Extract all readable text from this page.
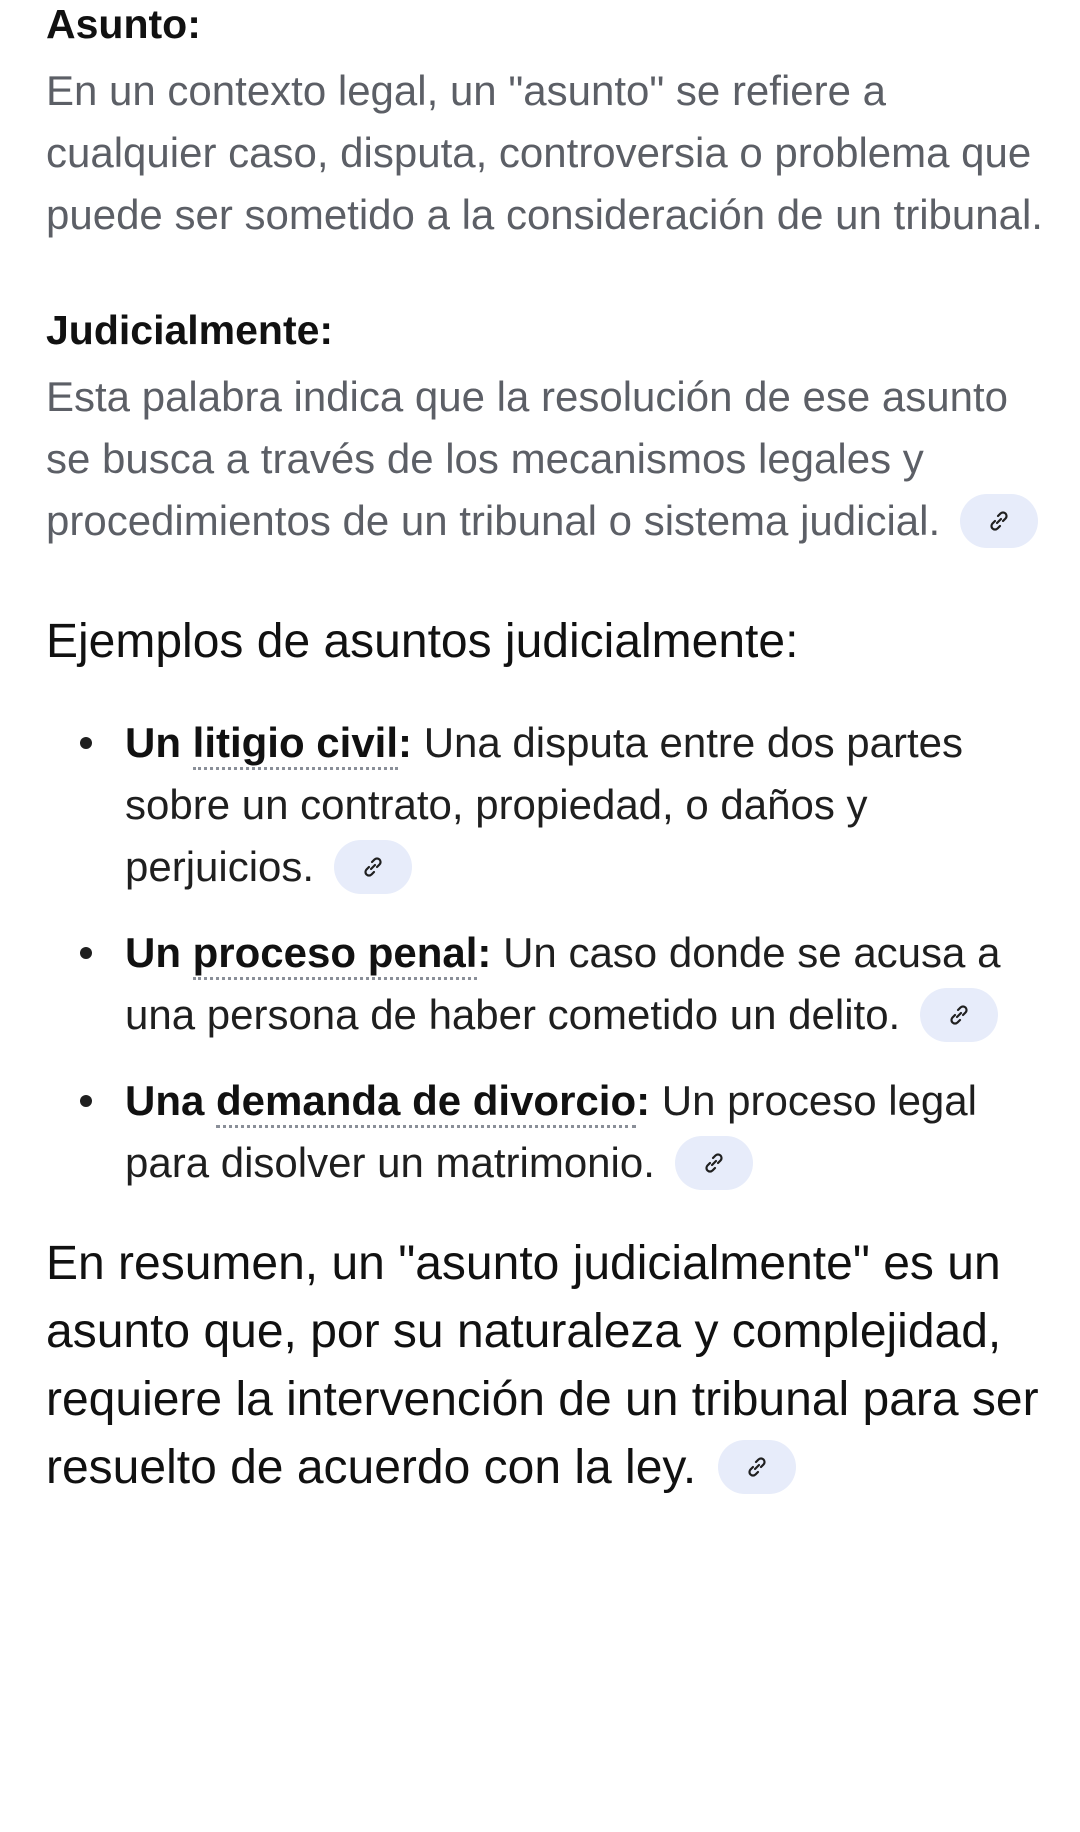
Asunto:

En un contexto legal, un "asunto" se refiere a cualquier caso, disputa, controversia o problema que puede ser sometido a la consideración de un tribunal.

Judicialmente:

Esta palabra indica que la resolución de ese asunto se busca a través de los mecanismos legales y procedimientos de un tribunal o sistema judicial.

Ejemplos de asuntos judicialmente:
Un litigio civil: Una disputa entre dos partes sobre un contrato, propiedad, o daños y perjuicios.
Un proceso penal: Un caso donde se acusa a una persona de haber cometido un delito.
Una demanda de divorcio: Un proceso legal para disolver un matrimonio.

En resumen, un "asunto judicialmente" es un asunto que, por su naturaleza y complejidad, requiere la intervención de un tribunal para ser resuelto de acuerdo con la ley.
